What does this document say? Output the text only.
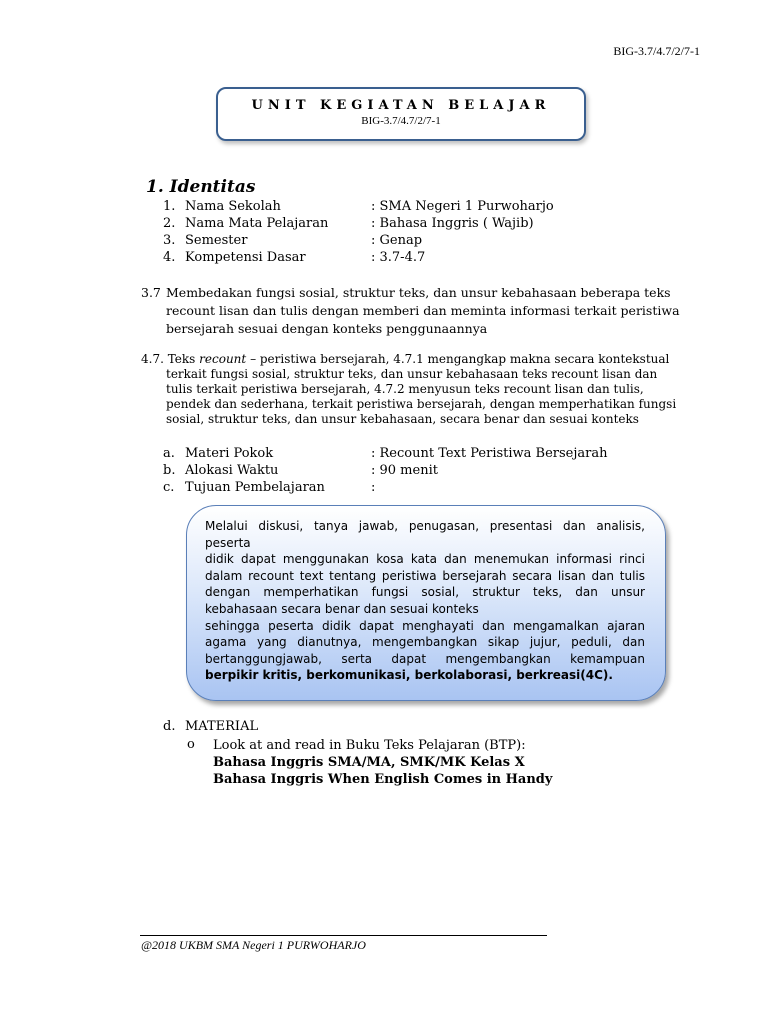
BIG-3.7/4.7/2/7-1
UNIT KEGIATAN BELAJAR
BIG-3.7/4.7/2/7-1
1. Identitas
1. Nama Sekolah	: SMA Negeri 1 Purwoharjo
2. Nama Mata Pelajaran	: Bahasa Inggris ( Wajib)
3. Semester	: Genap
4. Kompetensi Dasar	: 3.7-4.7
3.7 Membedakan fungsi sosial, struktur teks, dan unsur kebahasaan beberapa teks
recount lisan dan tulis dengan memberi dan meminta informasi terkait peristiwa
bersejarah sesuai dengan konteks penggunaannya
4.7. Teks recount – peristiwa bersejarah, 4.7.1 mengangkap makna secara kontekstual
terkait fungsi sosial, struktur teks, dan unsur kebahasaan teks recount lisan dan
tulis terkait peristiwa bersejarah, 4.7.2 menyusun teks recount lisan dan tulis,
pendek dan sederhana, terkait peristiwa bersejarah, dengan memperhatikan fungsi
sosial, struktur teks, dan unsur kebahasaan, secara benar dan sesuai konteks
a. Materi Pokok	: Recount Text Peristiwa Bersejarah
b. Alokasi Waktu	: 90 menit
c. Tujuan Pembelajaran	:
Melalui diskusi, tanya jawab, penugasan, presentasi dan analisis, peserta
didik dapat menggunakan kosa kata dan menemukan informasi rinci
dalam recount text tentang peristiwa bersejarah secara lisan dan tulis
dengan memperhatikan fungsi sosial, struktur teks, dan unsur
kebahasaan secara benar dan sesuai konteks
sehingga peserta didik dapat menghayati dan mengamalkan ajaran
agama yang dianutnya, mengembangkan sikap jujur, peduli, dan
bertanggungjawab, serta dapat mengembangkan kemampuan
berpikir kritis, berkomunikasi, berkolaborasi, berkreasi(4C).
d. MATERIAL
o Look at and read in Buku Teks Pelajaran (BTP):
Bahasa Inggris SMA/MA, SMK/MK Kelas X
Bahasa Inggris When English Comes in Handy
@2018 UKBM SMA Negeri 1 PURWOHARJO
